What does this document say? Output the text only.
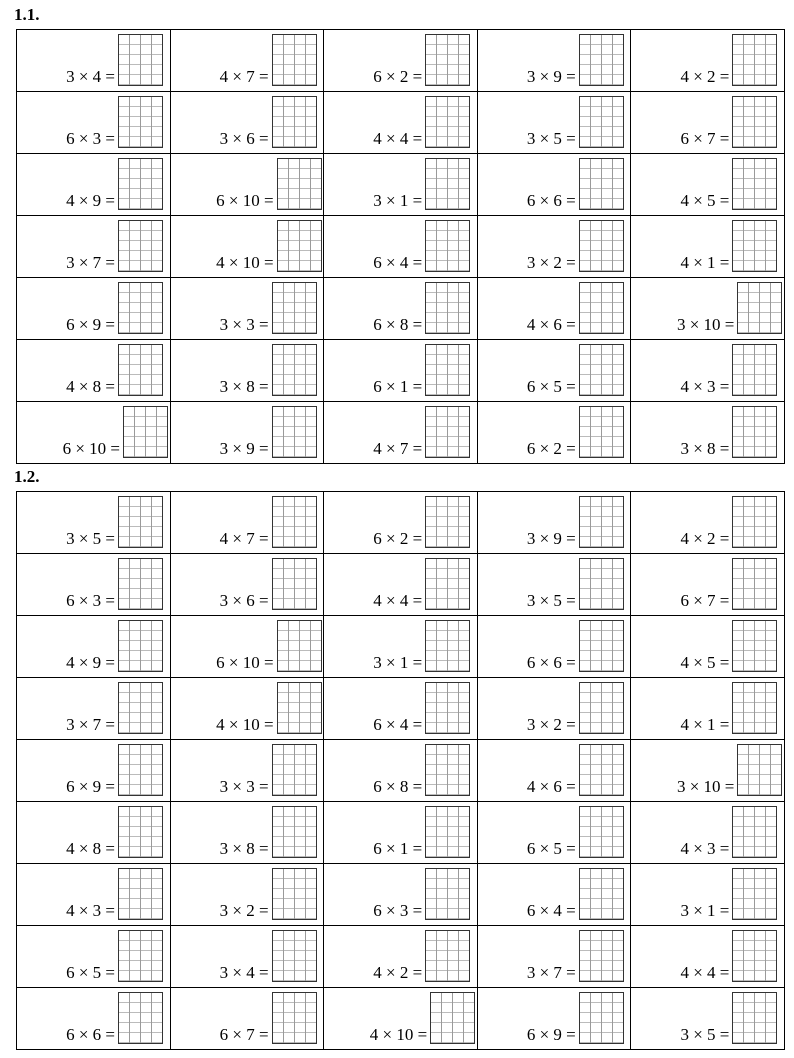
1.1.
3 × 4 =	4 × 7 =	6 × 2 =	3 × 9 =	4 × 2 =

6 × 3 =	3 × 6 =	4 × 4 =	3 × 5 =	6 × 7 =

4 × 9 =	6 × 10 =	3 × 1 =	6 × 6 =	4 × 5 =

3 × 7 =	4 × 10 =	6 × 4 =	3 × 2 =	4 × 1 =

6 × 9 =	3 × 3 =	6 × 8 =	4 × 6 =	3 × 10 =

4 × 8 =	3 × 8 =	6 × 1 =	6 × 5 =	4 × 3 =

6 × 10 =	3 × 9 =	4 × 7 =	6 × 2 =	3 × 8 =
1.2.
3 × 5 =	4 × 7 =	6 × 2 =	3 × 9 =	4 × 2 =

6 × 3 =	3 × 6 =	4 × 4 =	3 × 5 =	6 × 7 =

4 × 9 =	6 × 10 =	3 × 1 =	6 × 6 =	4 × 5 =

3 × 7 =	4 × 10 =	6 × 4 =	3 × 2 =	4 × 1 =

6 × 9 =	3 × 3 =	6 × 8 =	4 × 6 =	3 × 10 =

4 × 8 =	3 × 8 =	6 × 1 =	6 × 5 =	4 × 3 =

4 × 3 =	3 × 2 =	6 × 3 =	6 × 4 =	3 × 1 =

6 × 5 =	3 × 4 =	4 × 2 =	3 × 7 =	4 × 4 =

6 × 6 =	6 × 7 =	4 × 10 =	6 × 9 =	3 × 5 =
